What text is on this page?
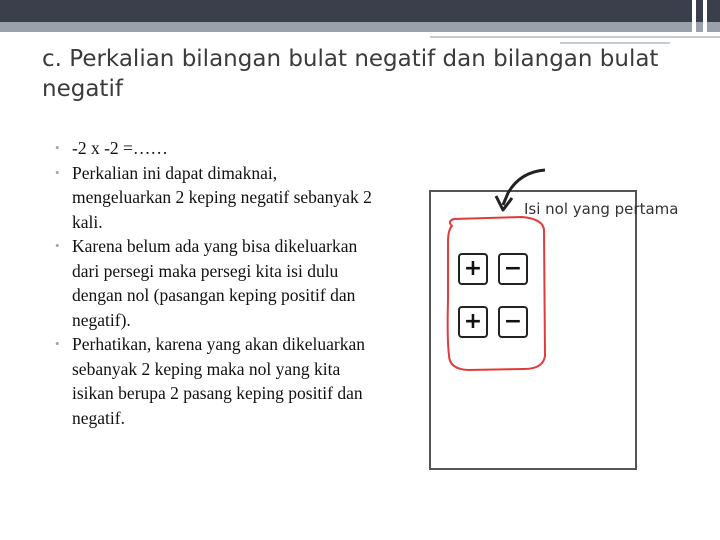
c. Perkalian bilangan bulat negatif dan bilangan bulat negatif
• -2 x -2 =……
• Perkalian ini dapat dimaknai, mengeluarkan 2 keping negatif sebanyak 2 kali.
• Karena belum ada yang bisa dikeluarkan dari persegi maka persegi kita isi dulu dengan nol (pasangan keping positif dan negatif).
• Perhatikan, karena yang akan dikeluarkan sebanyak 2 keping maka nol yang kita isikan berupa 2 pasang keping positif dan negatif.
Isi nol yang pertama
+ −
+ −
